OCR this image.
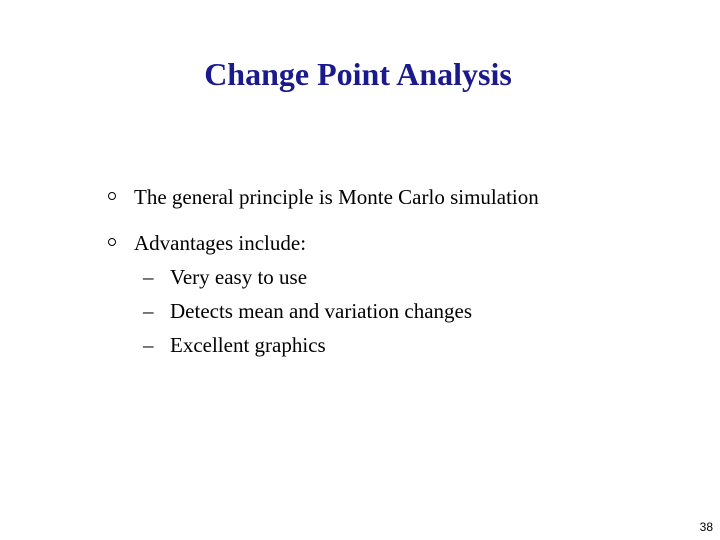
Change Point Analysis
The general principle is Monte Carlo simulation
Advantages include:
– Very easy to use
– Detects mean and variation changes
– Excellent graphics
38
